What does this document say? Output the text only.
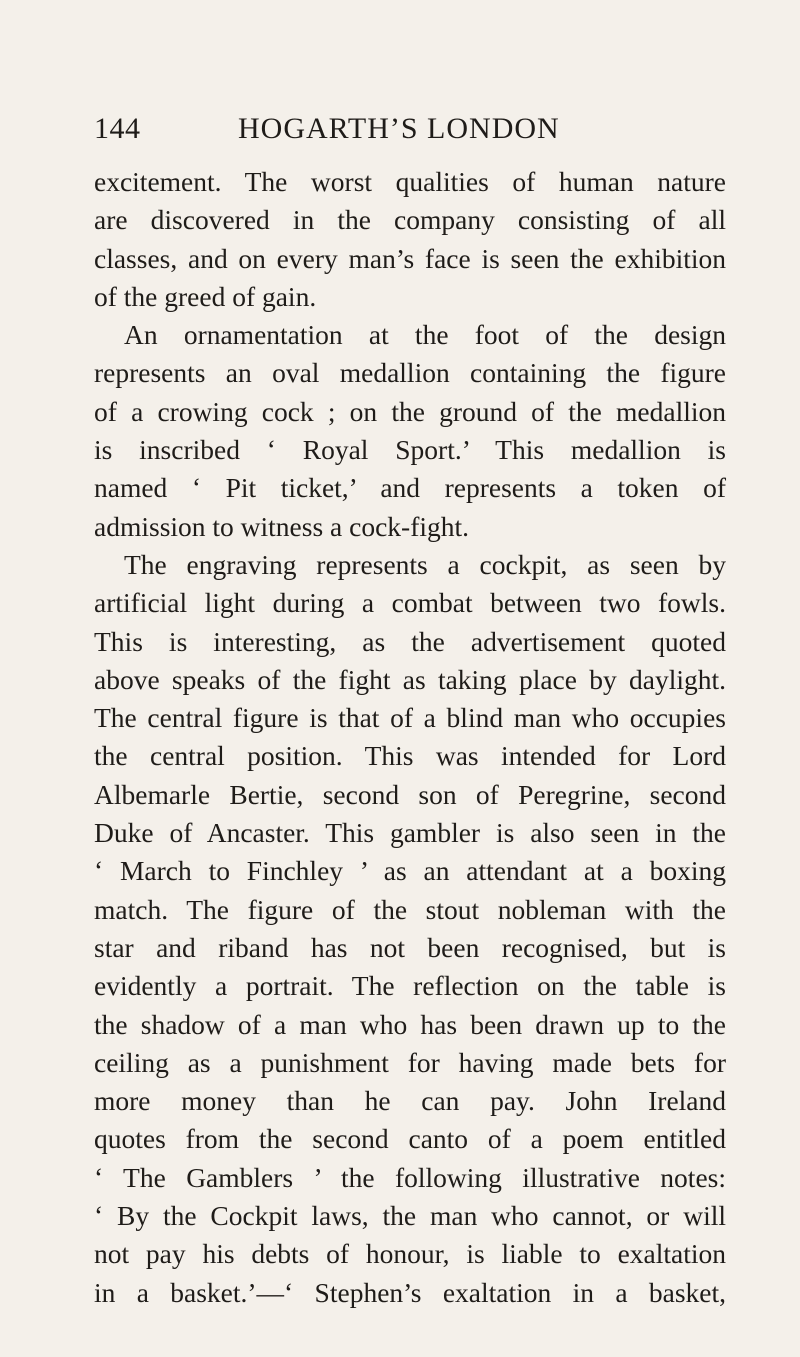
144	HOGARTH’S LONDON
excitement. The worst qualities of human nature
are discovered in the company consisting of all
classes, and on every man’s face is seen the exhibition
of the greed of gain.
An ornamentation at the foot of the design
represents an oval medallion containing the figure
of a crowing cock ; on the ground of the medallion
is inscribed ‘ Royal Sport.’ This medallion is
named ‘ Pit ticket,’ and represents a token of
admission to witness a cock-fight.
The engraving represents a cockpit, as seen by
artificial light during a combat between two fowls.
This is interesting, as the advertisement quoted
above speaks of the fight as taking place by daylight.
The central figure is that of a blind man who occupies
the central position. This was intended for Lord
Albemarle Bertie, second son of Peregrine, second
Duke of Ancaster. This gambler is also seen in the
‘ March to Finchley ’ as an attendant at a boxing
match. The figure of the stout nobleman with the
star and riband has not been recognised, but is
evidently a portrait. The reflection on the table is
the shadow of a man who has been drawn up to the
ceiling as a punishment for having made bets for
more money than he can pay. John Ireland
quotes from the second canto of a poem entitled
‘ The Gamblers ’ the following illustrative notes:
‘ By the Cockpit laws, the man who cannot, or will
not pay his debts of honour, is liable to exaltation
in a basket.’—‘ Stephen’s exaltation in a basket,
